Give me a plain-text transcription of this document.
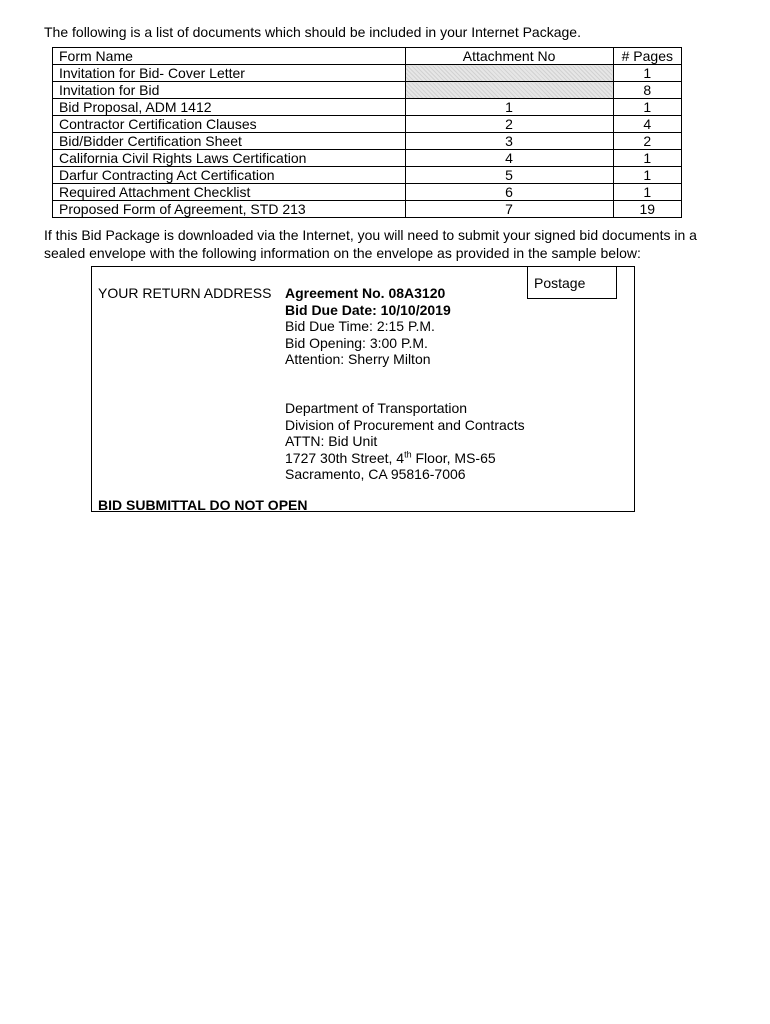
The following is a list of documents which should be included in your Internet Package.
Form Name	Attachment No	# Pages
Invitation for Bid- Cover Letter		1
Invitation for Bid		8
Bid Proposal, ADM 1412	1	1
Contractor Certification Clauses	2	4
Bid/Bidder Certification Sheet	3	2
California Civil Rights Laws Certification	4	1
Darfur Contracting Act Certification	5	1
Required Attachment Checklist	6	1
Proposed Form of Agreement, STD 213	7	19
If this Bid Package is downloaded via the Internet, you will need to submit your signed bid documents in a sealed envelope with the following information on the envelope as provided in the sample below:
Postage
YOUR RETURN ADDRESS Agreement No. 08A3120
Bid Due Date: 10/10/2019
Bid Due Time: 2:15 P.M.
Bid Opening: 3:00 P.M.
Attention: Sherry Milton
Department of Transportation
Division of Procurement and Contracts
ATTN: Bid Unit
1727 30th Street, 4th Floor, MS-65
Sacramento, CA 95816-7006
BID SUBMITTAL DO NOT OPEN
